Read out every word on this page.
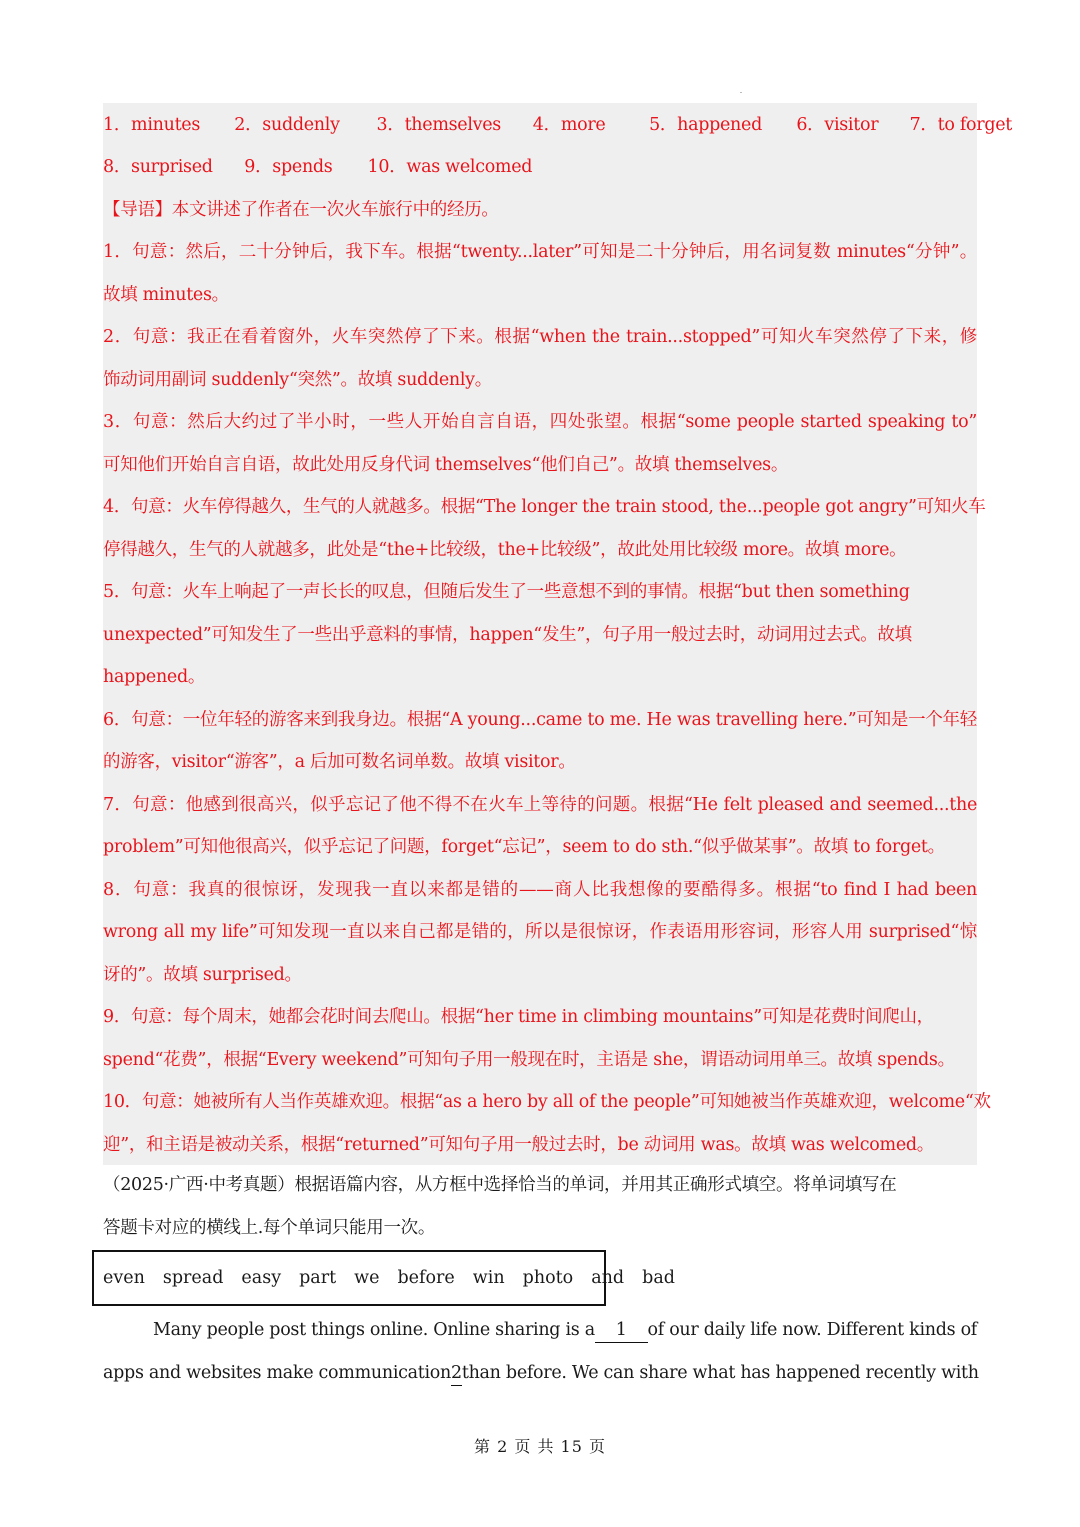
1．minutes 2．suddenly 3．themselves 4．more 5．happened 6．visitor 7．to forget
8．surprised 9．spends 10．was welcomed
【导语】本文讲述了作者在一次火车旅行中的经历。
1．句意：然后，二十分钟后，我下车。根据“twenty...later”可知是二十分钟后，用名词复数 minutes“分钟”。
故填 minutes。
2．句意：我正在看着窗外，火车突然停了下来。根据“when the train...stopped”可知火车突然停了下来，修
饰动词用副词 suddenly“突然”。故填 suddenly。
3．句意：然后大约过了半小时，一些人开始自言自语，四处张望。根据“some people started speaking to”
可知他们开始自言自语，故此处用反身代词 themselves“他们自己”。故填 themselves。
4．句意：火车停得越久，生气的人就越多。根据“The longer the train stood, the...people got angry”可知火车
停得越久，生气的人就越多，此处是“the+比较级，the+比较级”，故此处用比较级 more。故填 more。
5．句意：火车上响起了一声长长的叹息，但随后发生了一些意想不到的事情。根据“but then something
unexpected”可知发生了一些出乎意料的事情，happen“发生”，句子用一般过去时，动词用过去式。故填
happened。
6．句意：一位年轻的游客来到我身边。根据“A young...came to me. He was travelling here.”可知是一个年轻
的游客，visitor“游客”，a 后加可数名词单数。故填 visitor。
7．句意：他感到很高兴，似乎忘记了他不得不在火车上等待的问题。根据“He felt pleased and seemed...the
problem”可知他很高兴，似乎忘记了问题，forget“忘记”，seem to do sth.“似乎做某事”。故填 to forget。
8．句意：我真的很惊讶，发现我一直以来都是错的——商人比我想像的要酷得多。根据“to find I had been
wrong all my life”可知发现一直以来自己都是错的，所以是很惊讶，作表语用形容词，形容人用 surprised“惊
讶的”。故填 surprised。
9．句意：每个周末，她都会花时间去爬山。根据“her time in climbing mountains”可知是花费时间爬山，
spend“花费”，根据“Every weekend”可知句子用一般现在时，主语是 she，谓语动词用单三。故填 spends。
10．句意：她被所有人当作英雄欢迎。根据“as a hero by all of the people”可知她被当作英雄欢迎，welcome“欢
迎”，和主语是被动关系，根据“returned”可知句子用一般过去时，be 动词用 was。故填 was welcomed。
（2025·广西·中考真题）根据语篇内容，从方框中选择恰当的单词，并用其正确形式填空。将单词填写在
答题卡对应的横线上.每个单词只能用一次。
even spread easy part we before win photo and bad
Many people post things online. Online sharing is a	1	of our daily life now. Different kinds of
apps and websites make communication 2 than before. We can share what has happened recently with
第 2 页 共 15 页
